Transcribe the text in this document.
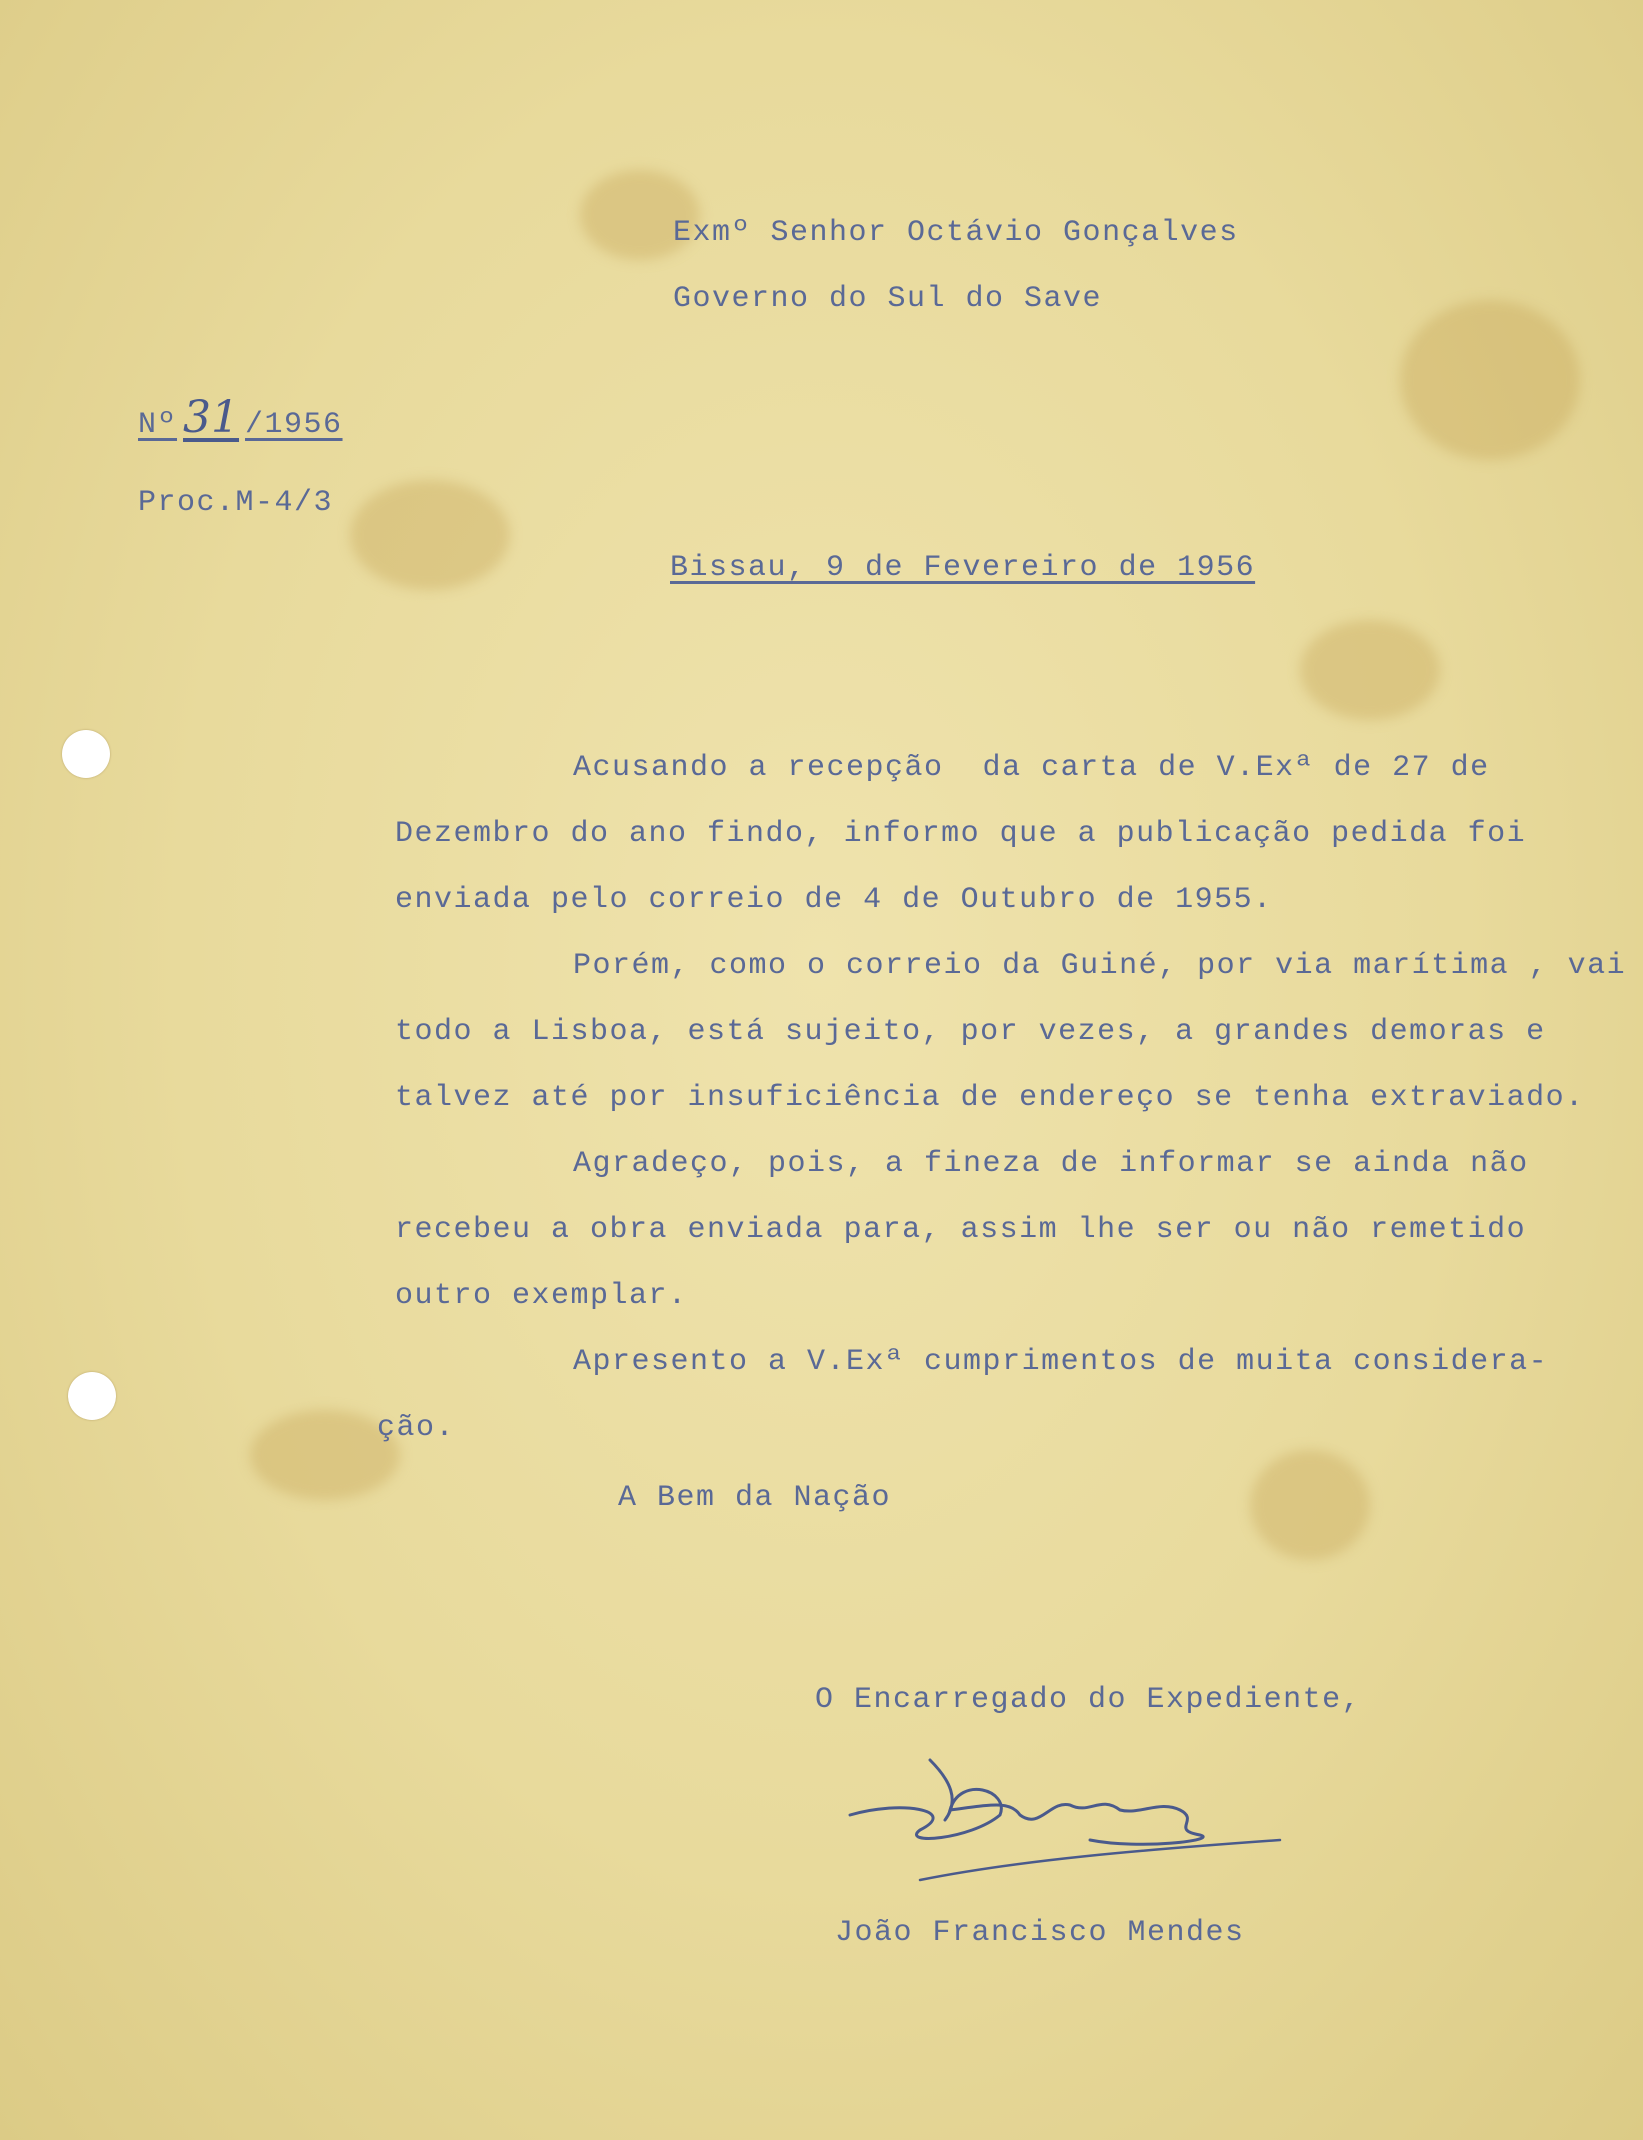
Exmº Senhor Octávio Gonçalves

Governo do Sul do Save

Nº 31 /1956

Proc.M-4/3

Bissau, 9 de Fevereiro de 1956

Acusando a recepção  da carta de V.Exª de 27 de

Dezembro do ano findo, informo que a publicação pedida foi

enviada pelo correio de 4 de Outubro de 1955.

Porém, como o correio da Guiné, por via marítima , vai

todo a Lisboa, está sujeito, por vezes, a grandes demoras e

talvez até por insuficiência de endereço se tenha extraviado.

Agradeço, pois, a fineza de informar se ainda não

recebeu a obra enviada para, assim lhe ser ou não remetido

outro exemplar.

Apresento a V.Exª cumprimentos de muita considera-

ção.

A Bem da Nação

O Encarregado do Expediente,

João Francisco Mendes
